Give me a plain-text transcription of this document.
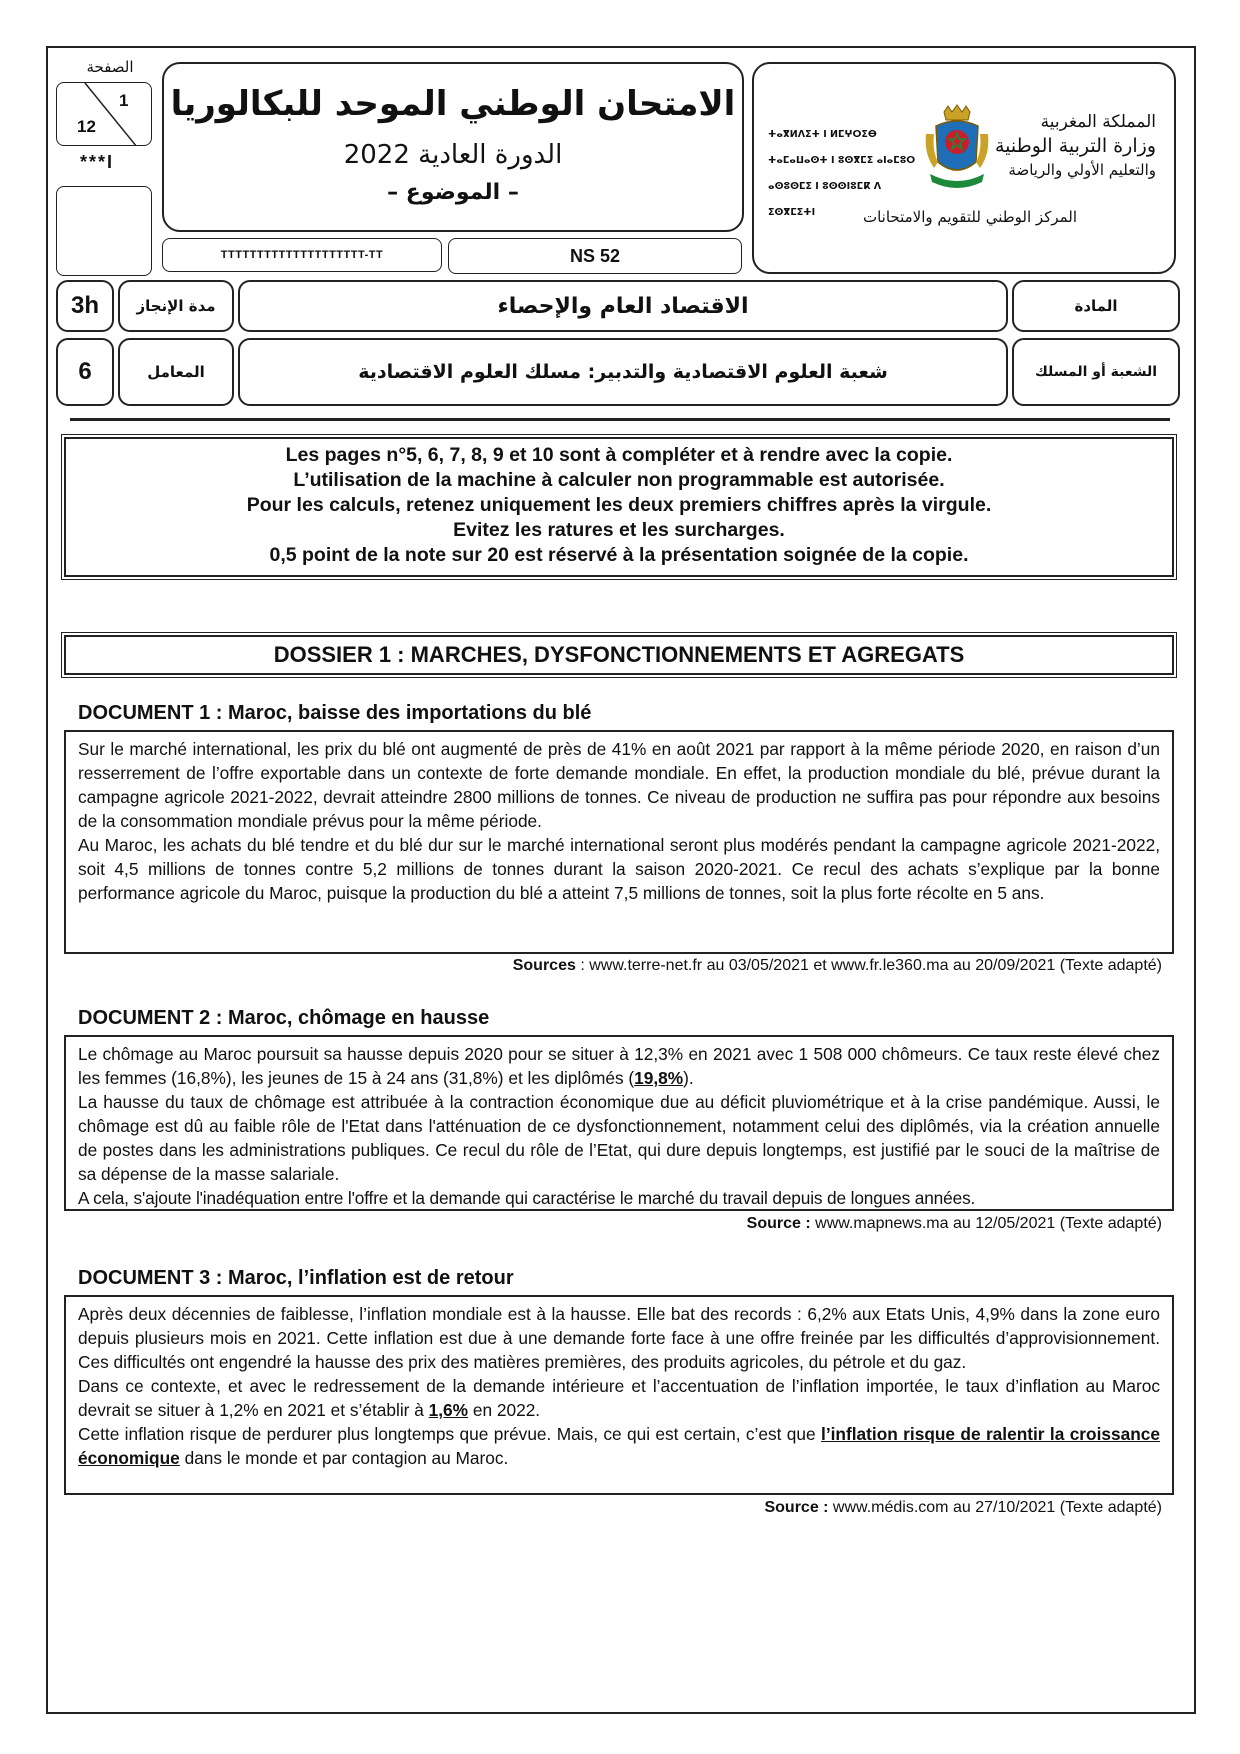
الصفحة
1
12
***I
الامتحان الوطني الموحد للبكالوريا
الدورة العادية 2022
– الموضوع –
TTTTTTTTTTTTTTTTTTTT-TT	NS 52
ⵜⴰⴳⵍⴷⵉⵜ ⵏ ⵍⵎⵖⵔⵉⴱ
ⵜⴰⵎⴰⵡⴰⵙⵜ ⵏ ⵓⵙⴳⵎⵉ ⴰⵏⴰⵎⵓⵔ
ⴰⵙⵓⵙⵎⵉ ⵏ ⵓⵙⵙⵏⵓⵎⴽ ⴷ ⵉⵙⴳⵎⵉⵜⵏ
المملكة المغربية
وزارة التربية الوطنية
والتعليم الأولي والرياضة
المركز الوطني للتقويم والامتحانات
3h	مدة الإنجاز	الاقتصاد العام والإحصاء	المادة
6	المعامل	شعبة العلوم الاقتصادية والتدبير: مسلك العلوم الاقتصادية	الشعبة أو المسلك
Les pages n°5, 6, 7, 8, 9 et 10 sont à compléter et à rendre avec la copie.
L’utilisation de la machine à calculer non programmable est autorisée.
Pour les calculs, retenez uniquement les deux premiers chiffres après la virgule.
Evitez les ratures et les surcharges.
0,5 point de la note sur 20 est réservé à la présentation soignée de la copie.
DOSSIER 1 : MARCHES, DYSFONCTIONNEMENTS ET AGREGATS
DOCUMENT 1 : Maroc, baisse des importations du blé

Sur le marché international, les prix du blé ont augmenté de près de 41% en août 2021 par rapport à la même période 2020, en raison d’un resserrement de l’offre exportable dans un contexte de forte demande mondiale. En effet, la production mondiale du blé, prévue durant la campagne agricole 2021-2022, devrait atteindre 2800 millions de tonnes. Ce niveau de production ne suffira pas pour répondre aux besoins de la consommation mondiale prévus pour la même période.

Au Maroc, les achats du blé tendre et du blé dur sur le marché international seront plus modérés pendant la campagne agricole 2021-2022, soit 4,5 millions de tonnes contre 5,2 millions de tonnes durant la saison 2020-2021. Ce recul des achats s’explique par la bonne performance agricole du Maroc, puisque la production du blé a atteint 7,5 millions de tonnes, soit la plus forte récolte en 5 ans.

Sources : www.terre-net.fr au 03/05/2021 et www.fr.le360.ma au 20/09/2021 (Texte adapté)
DOCUMENT 2 : Maroc, chômage en hausse

Le chômage au Maroc poursuit sa hausse depuis 2020 pour se situer à 12,3% en 2021 avec 1 508 000 chômeurs. Ce taux reste élevé chez les femmes (16,8%), les jeunes de 15 à 24 ans (31,8%) et les diplômés (19,8%).

La hausse du taux de chômage est attribuée à la contraction économique due au déficit pluviométrique et à la crise pandémique. Aussi, le chômage est dû au faible rôle de l'Etat dans l'atténuation de ce dysfonctionnement, notamment celui des diplômés, via la création annuelle de postes dans les administrations publiques. Ce recul du rôle de l’Etat, qui dure depuis longtemps, est justifié par le souci de la maîtrise de sa dépense de la masse salariale.

A cela, s'ajoute l'inadéquation entre l'offre et la demande qui caractérise le marché du travail depuis de longues années.

Source : www.mapnews.ma au 12/05/2021 (Texte adapté)
DOCUMENT 3 : Maroc, l’inflation est de retour

Après deux décennies de faiblesse, l’inflation mondiale est à la hausse. Elle bat des records : 6,2% aux Etats Unis, 4,9% dans la zone euro depuis plusieurs mois en 2021. Cette inflation est due à une demande forte face à une offre freinée par les difficultés d’approvisionnement. Ces difficultés ont engendré la hausse des prix des matières premières, des produits agricoles, du pétrole et du gaz.

Dans ce contexte, et avec le redressement de la demande intérieure et l’accentuation de l’inflation importée, le taux d’inflation au Maroc devrait se situer à 1,2% en 2021 et s’établir à 1,6% en 2022.

Cette inflation risque de perdurer plus longtemps que prévue. Mais, ce qui est certain, c’est que l’inflation risque de ralentir la croissance économique dans le monde et par contagion au Maroc.

Source : www.médis.com au 27/10/2021 (Texte adapté)
